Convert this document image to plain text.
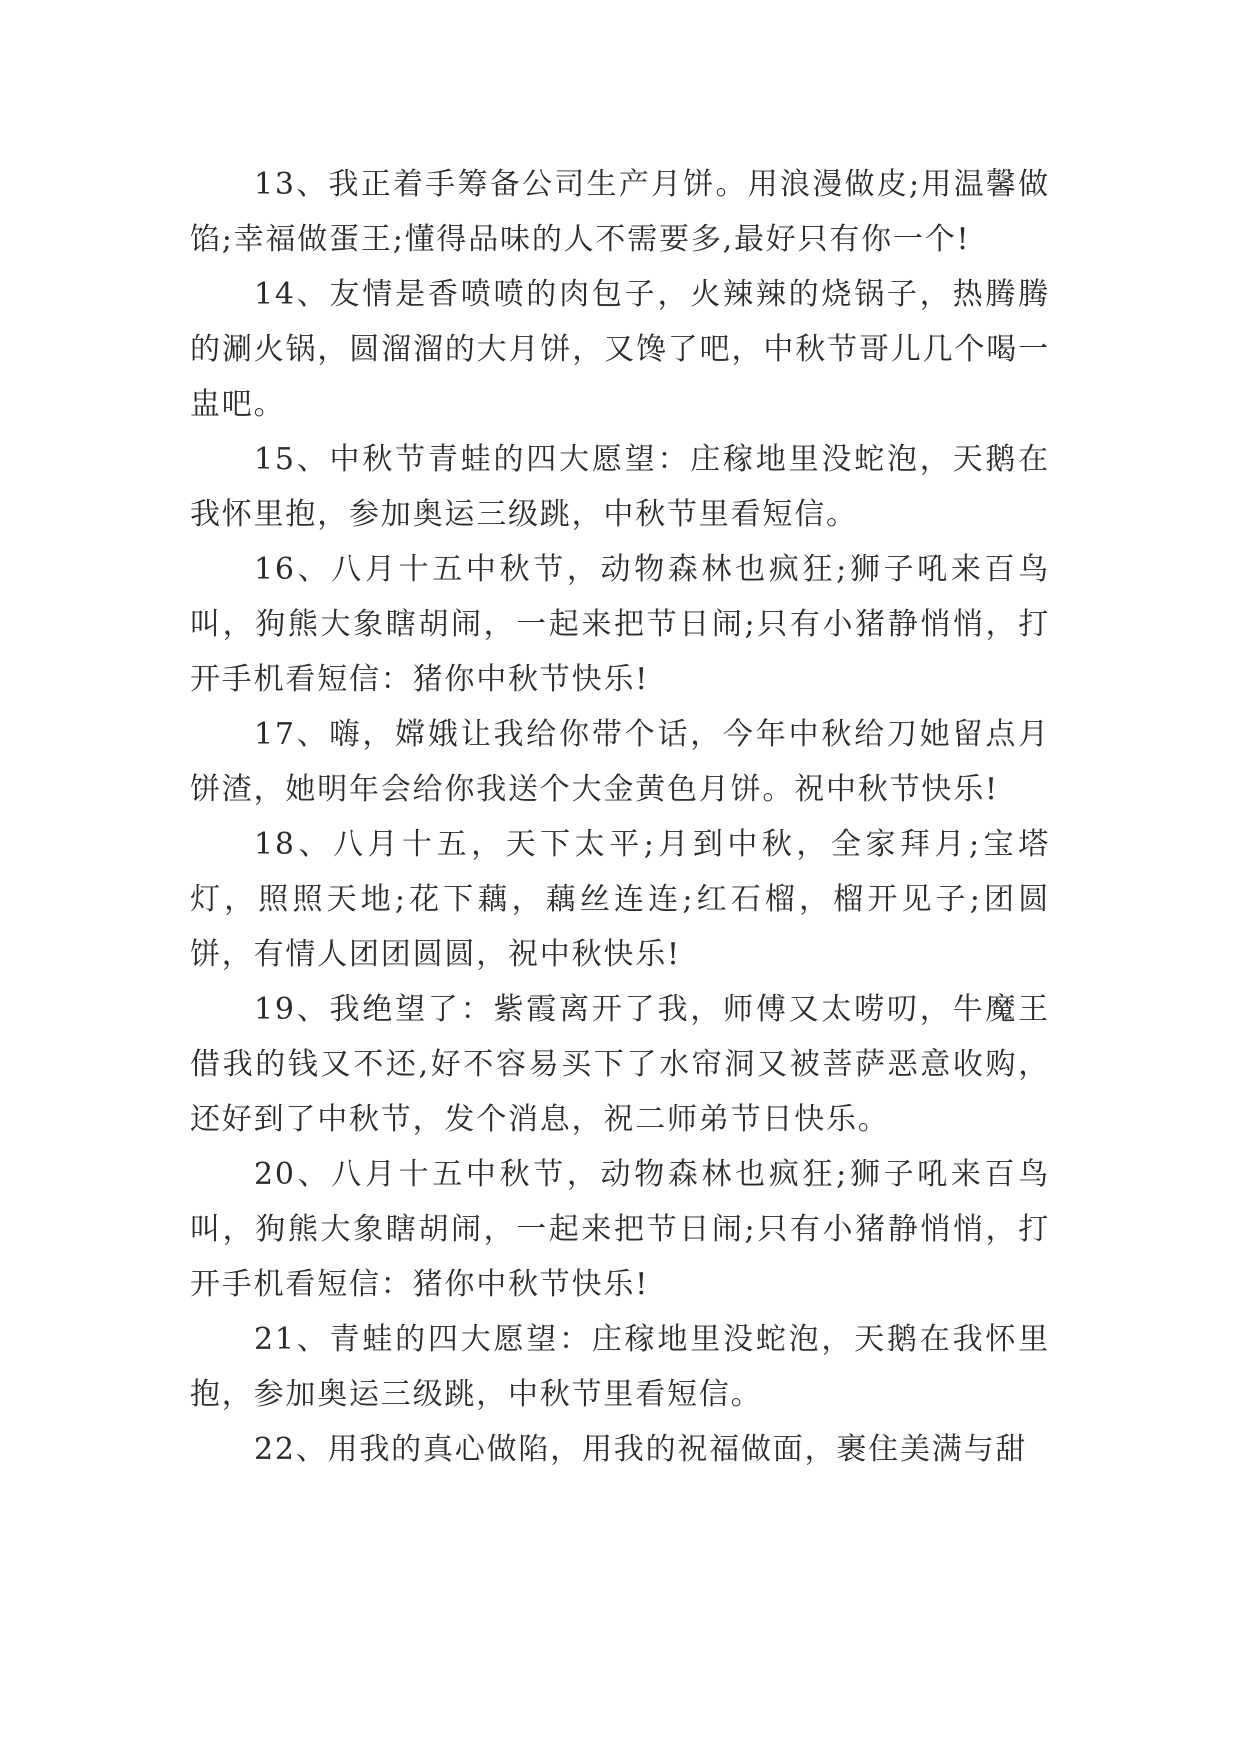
13、我正着手筹备公司生产月饼。用浪漫做皮;用温馨做馅;幸福做蛋王;懂得品味的人不需要多,最好只有你一个!

14、友情是香喷喷的肉包子，火辣辣的烧锅子，热腾腾的涮火锅，圆溜溜的大月饼，又馋了吧，中秋节哥儿几个喝一盅吧。

15、中秋节青蛙的四大愿望：庄稼地里没蛇泡，天鹅在我怀里抱，参加奥运三级跳，中秋节里看短信。

16、八月十五中秋节，动物森林也疯狂;狮子吼来百鸟叫，狗熊大象瞎胡闹，一起来把节日闹;只有小猪静悄悄，打开手机看短信：猪你中秋节快乐!

17、嗨，嫦娥让我给你带个话，今年中秋给刀她留点月饼渣，她明年会给你我送个大金黄色月饼。祝中秋节快乐!

18、八月十五，天下太平;月到中秋，全家拜月;宝塔灯，照照天地;花下藕，藕丝连连;红石榴，榴开见子;团圆饼，有情人团团圆圆，祝中秋快乐!

19、我绝望了：紫霞离开了我，师傅又太唠叨，牛魔王借我的钱又不还,好不容易买下了水帘洞又被菩萨恶意收购，还好到了中秋节，发个消息，祝二师弟节日快乐。

20、八月十五中秋节，动物森林也疯狂;狮子吼来百鸟叫，狗熊大象瞎胡闹，一起来把节日闹;只有小猪静悄悄，打开手机看短信：猪你中秋节快乐!

21、青蛙的四大愿望：庄稼地里没蛇泡，天鹅在我怀里抱，参加奥运三级跳，中秋节里看短信。

22、用我的真心做陷，用我的祝福做面，裹住美满与甜
